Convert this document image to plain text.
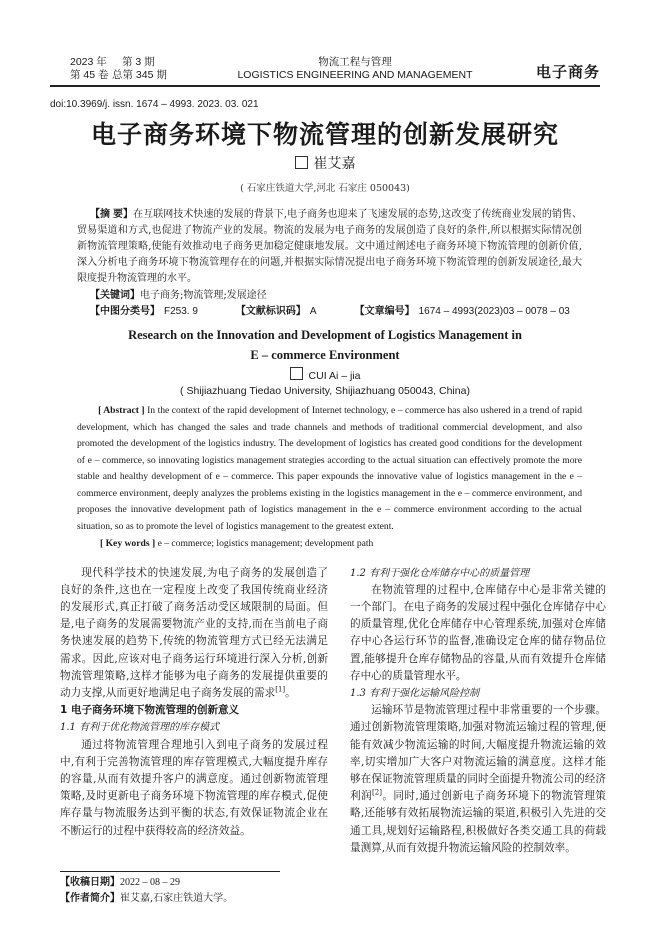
2023 年 第 3 期
第 45 卷 总第 345 期
物流工程与管理
LOGISTICS ENGINEERING AND MANAGEMENT	电子商务
doi:10.3969/j. issn. 1674 – 4993. 2023. 03. 021
电子商务环境下物流管理的创新发展研究
崔艾嘉
( 石家庄铁道大学,河北 石家庄 050043)
【摘 要】在互联网技术快速的发展的背景下,电子商务也迎来了飞速发展的态势,这改变了传统商业发展的销售、贸易渠道和方式,也促进了物流产业的发展。物流的发展为电子商务的发展创造了良好的条件,所以根据实际情况创新物流管理策略,使能有效推动电子商务更加稳定健康地发展。文中通过阐述电子商务环境下物流管理的创新价值,深入分析电子商务环境下物流管理存在的问题,并根据实际情况提出电子商务环境下物流管理的创新发展途径,最大限度提升物流管理的水平。
【关键词】电子商务;物流管理;发展途径
【中图分类号】 F253. 9	【文献标识码】 A	【文章编号】 1674 – 4993(2023)03 – 0078 – 03
Research on the Innovation and Development of Logistics Management in
E – commerce Environment
CUI Ai – jia
( Shijiazhuang Tiedao University, Shijiazhuang 050043, China)
[ Abstract ] In the context of the rapid development of Internet technology, e – commerce has also ushered in a trend of rapid development, which has changed the sales and trade channels and methods of traditional commercial development, and also promoted the development of the logistics industry. The development of logistics has created good conditions for the development of e – commerce, so innovating logistics management strategies according to the actual situation can effectively promote the more stable and healthy development of e – commerce. This paper expounds the innovative value of logistics management in the e – commerce environment, deeply analyzes the problems existing in the logistics management in the e – commerce environment, and proposes the innovative development path of logistics management in the e – commerce environment according to the actual situation, so as to promote the level of logistics management to the greatest extent.
[ Key words ] e – commerce; logistics management; development path
现代科学技术的快速发展,为电子商务的发展创造了良好的条件,这也在一定程度上改变了我国传统商业经济的发展形式,真正打破了商务活动受区域限制的局面。但是,电子商务的发展需要物流产业的支持,而在当前电子商务快速发展的趋势下,传统的物流管理方式已经无法满足需求。因此,应该对电子商务运行环境进行深入分析,创新物流管理策略,这样才能够为电子商务的发展提供重要的动力支撑,从而更好地满足电子商务发展的需求[1]。
1 电子商务环境下物流管理的创新意义
1.1 有利于优化物流管理的库存模式
通过将物流管理合理地引入到电子商务的发展过程中,有利于完善物流管理的库存管理模式,大幅度提升库存的容量,从而有效提升客户的满意度。通过创新物流管理策略,及时更新电子商务环境下物流管理的库存模式,促使库存量与物流服务达到平衡的状态,有效保证物流企业在不断运行的过程中获得较高的经济效益。
1.2 有利于强化仓库储存中心的质量管理
在物流管理的过程中,仓库储存中心是非常关键的一个部门。在电子商务的发展过程中强化仓库储存中心的质量管理,优化仓库储存中心管理系统,加强对仓库储存中心各运行环节的监督,准确设定仓库的储存物品位置,能够提升仓库存储物品的容量,从而有效提升仓库储存中心的质量管理水平。
1.3 有利于强化运输风险控制
运输环节是物流管理过程中非常重要的一个步骤。通过创新物流管理策略,加强对物流运输过程的管理,便能有效减少物流运输的时间,大幅度提升物流运输的效率,切实增加广大客户对物流运输的满意度。这样才能够在保证物流管理质量的同时全面提升物流公司的经济利润[2]。同时,通过创新电子商务环境下的物流管理策略,还能够有效拓展物流运输的渠道,积极引入先进的交通工具,规划好运输路程,积极做好各类交通工具的荷载量测算,从而有效提升物流运输风险的控制效率。
【收稿日期】2022 – 08 – 29
【作者简介】崔艾嘉,石家庄铁道大学。
